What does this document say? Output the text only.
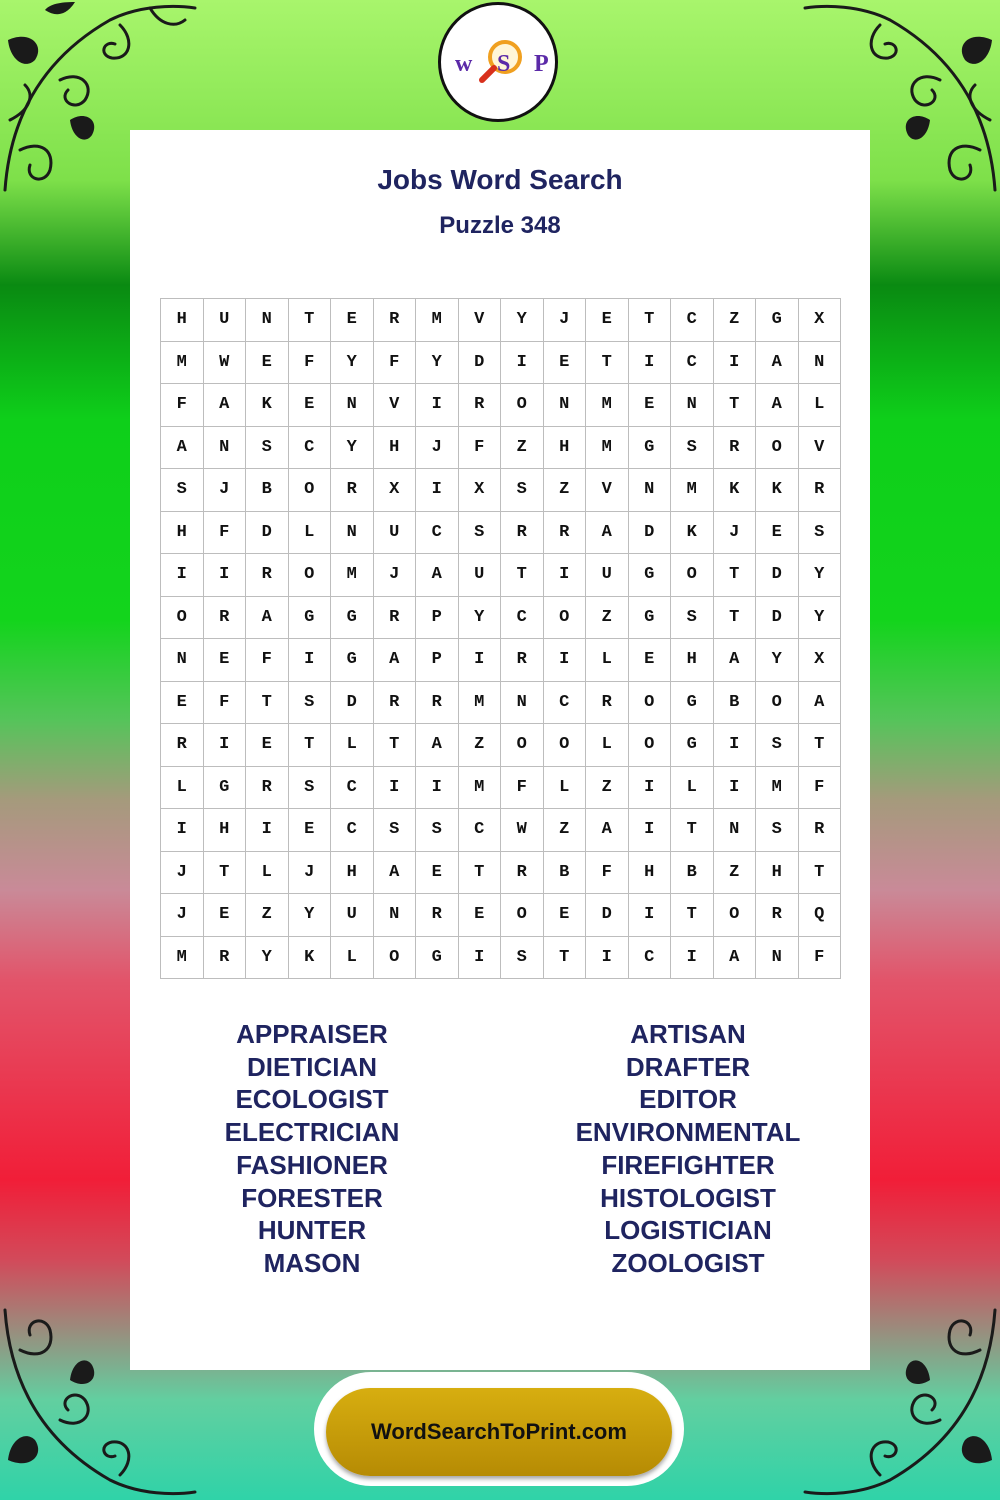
w S P
Jobs Word Search
Puzzle 348
H	U	N	T	E	R	M	V	Y	J	E	T	C	Z	G	X
M	W	E	F	Y	F	Y	D	I	E	T	I	C	I	A	N
F	A	K	E	N	V	I	R	O	N	M	E	N	T	A	L
A	N	S	C	Y	H	J	F	Z	H	M	G	S	R	O	V
S	J	B	O	R	X	I	X	S	Z	V	N	M	K	K	R
H	F	D	L	N	U	C	S	R	R	A	D	K	J	E	S
I	I	R	O	M	J	A	U	T	I	U	G	O	T	D	Y
O	R	A	G	G	R	P	Y	C	O	Z	G	S	T	D	Y
N	E	F	I	G	A	P	I	R	I	L	E	H	A	Y	X
E	F	T	S	D	R	R	M	N	C	R	O	G	B	O	A
R	I	E	T	L	T	A	Z	O	O	L	O	G	I	S	T
L	G	R	S	C	I	I	M	F	L	Z	I	L	I	M	F
I	H	I	E	C	S	S	C	W	Z	A	I	T	N	S	R
J	T	L	J	H	A	E	T	R	B	F	H	B	Z	H	T
J	E	Z	Y	U	N	R	E	O	E	D	I	T	O	R	Q
M	R	Y	K	L	O	G	I	S	T	I	C	I	A	N	F
APPRAISER
DIETICIAN
ECOLOGIST
ELECTRICIAN
FASHIONER
FORESTER
HUNTER
MASON
ARTISAN
DRAFTER
EDITOR
ENVIRONMENTAL
FIREFIGHTER
HISTOLOGIST
LOGISTICIAN
ZOOLOGIST
WordSearchToPrint.com
